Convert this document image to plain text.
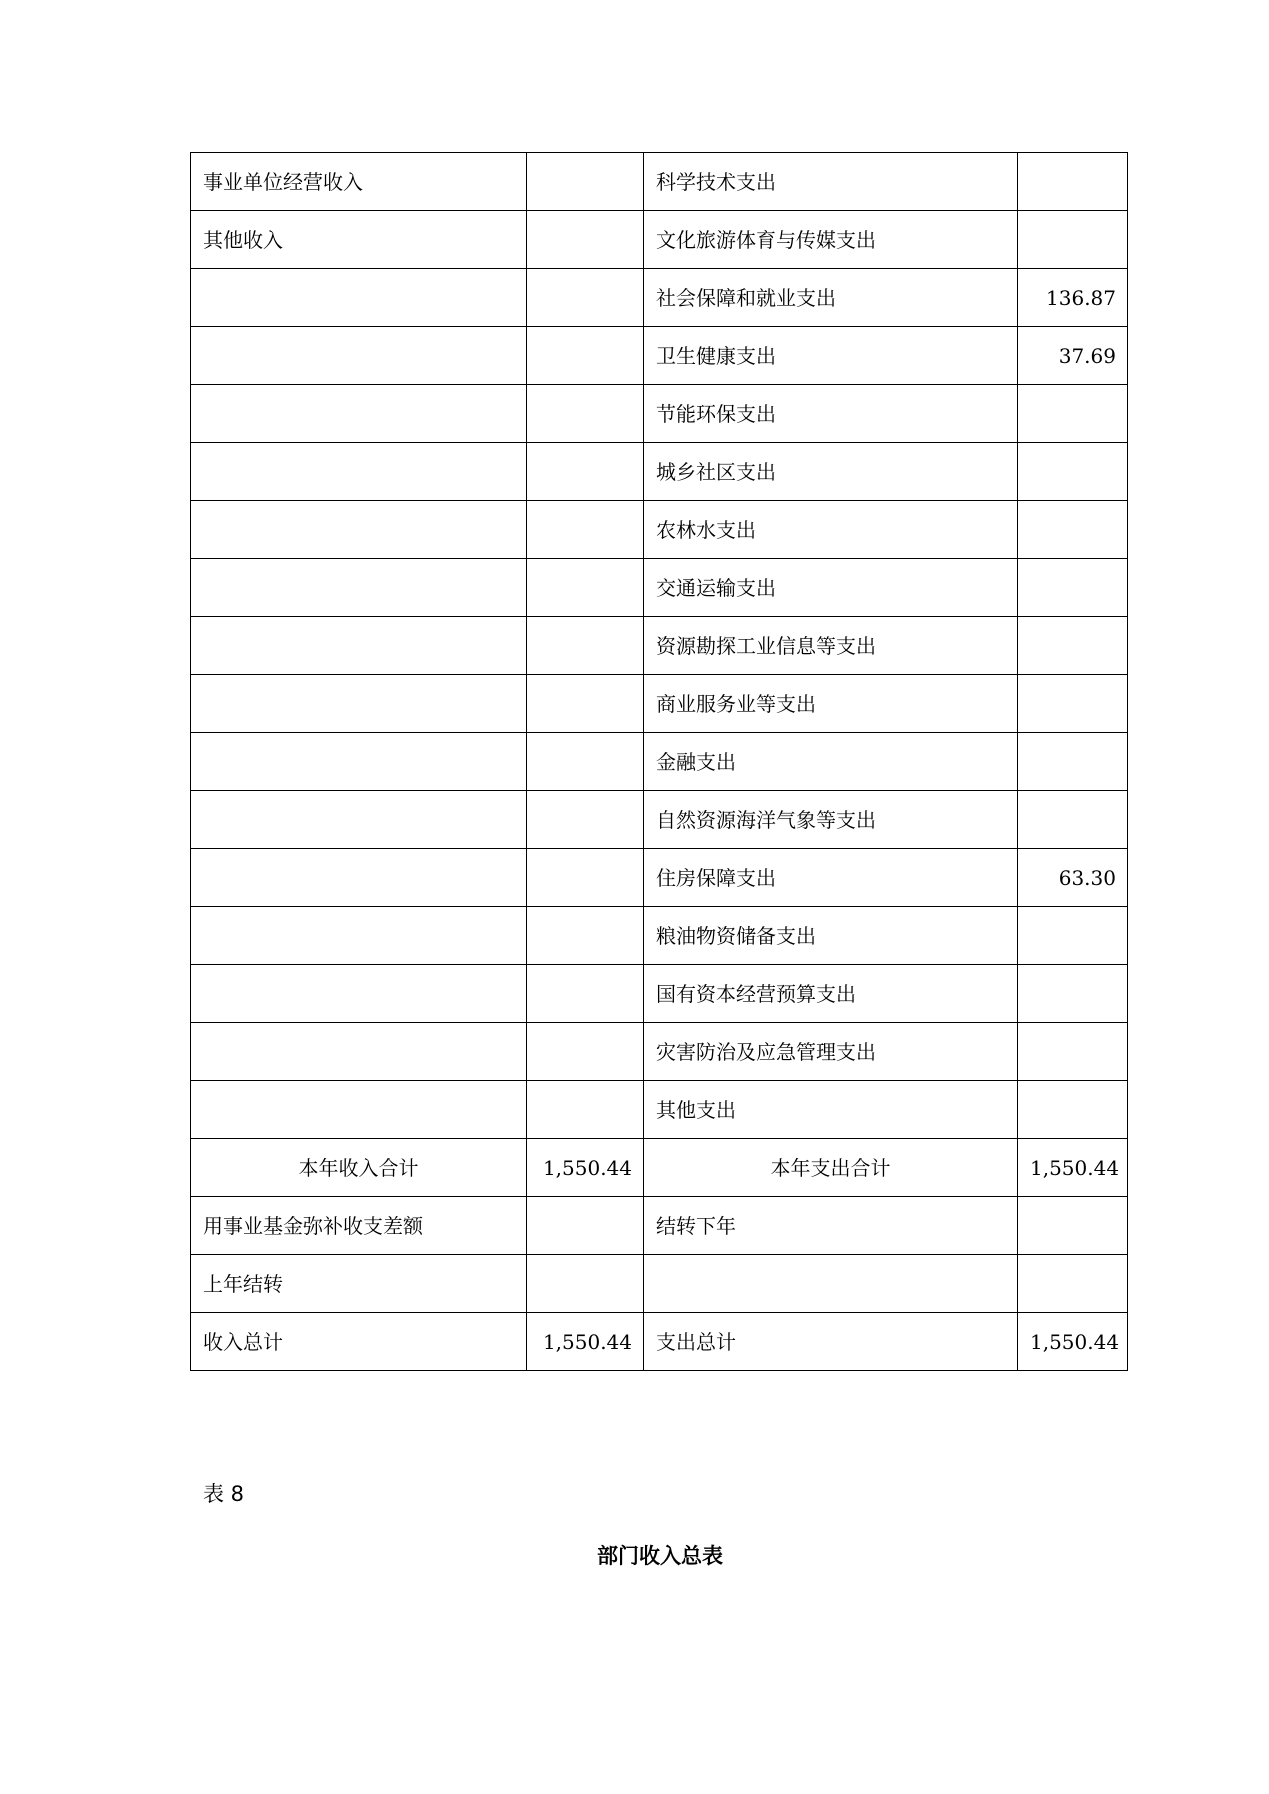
事业单位经营收入		科学技术支出	
其他收入		文化旅游体育与传媒支出	
		社会保障和就业支出	136.87
		卫生健康支出	37.69
		节能环保支出	
		城乡社区支出	
		农林水支出	
		交通运输支出	
		资源勘探工业信息等支出	
		商业服务业等支出	
		金融支出	
		自然资源海洋气象等支出	
		住房保障支出	63.30
		粮油物资储备支出	
		国有资本经营预算支出	
		灾害防治及应急管理支出	
		其他支出	
本年收入合计	1,550.44	本年支出合计	1,550.44
用事业基金弥补收支差额		结转下年	
上年结转			
收入总计	1,550.44	支出总计	1,550.44
表 8
部门收入总表
